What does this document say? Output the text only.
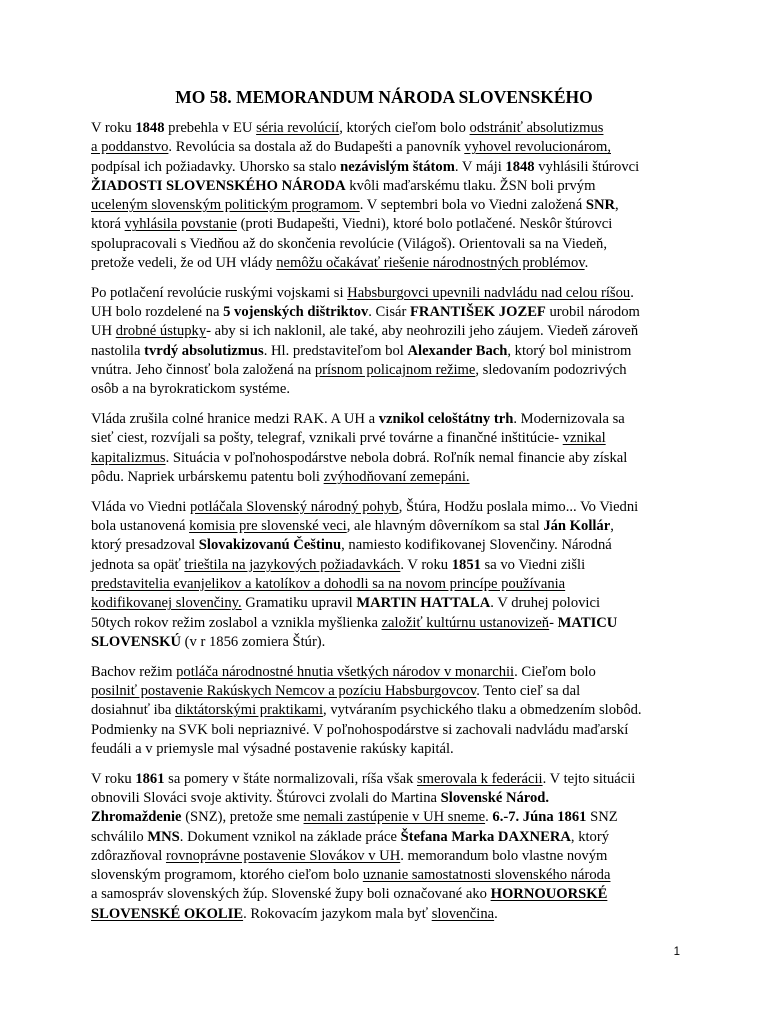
MO 58. MEMORANDUM NÁRODA SLOVENSKÉHO

V roku 1848 prebehla v EU séria revolúcií, ktorých cieľom bolo odstrániť absolutizmus
a poddanstvo. Revolúcia sa dostala až do Budapešti a panovník vyhovel revolucionárom,
podpísal ich požiadavky. Uhorsko sa stalo nezávislým štátom. V máji 1848 vyhlásili štúrovci
ŽIADOSTI SLOVENSKÉHO NÁRODA kvôli maďarskému tlaku. ŽSN boli prvým
uceleným slovenským politickým programom. V septembri bola vo Viedni založená SNR,
ktorá vyhlásila povstanie (proti Budapešti, Viedni), ktoré bolo potlačené. Neskôr štúrovci
spolupracovali s Viedňou až do skončenia revolúcie (Világoš). Orientovali sa na Viedeň,
pretože vedeli, že od UH vlády nemôžu očakávať riešenie národnostných problémov.

Po potlačení revolúcie ruskými vojskami si Habsburgovci upevnili nadvládu nad celou ríšou.
UH bolo rozdelené na 5 vojenských dištriktov. Cisár FRANTIŠEK JOZEF urobil národom
UH drobné ústupky- aby si ich naklonil, ale také, aby neohrozili jeho záujem. Viedeň zároveň
nastolila tvrdý absolutizmus. Hl. predstaviteľom bol Alexander Bach, ktorý bol ministrom
vnútra. Jeho činnosť bola založená na prísnom policajnom režime, sledovaním podozrivých
osôb a na byrokratickom systéme.

Vláda zrušila colné hranice medzi RAK. A UH a vznikol celoštátny trh. Modernizovala sa
sieť ciest, rozvíjali sa pošty, telegraf, vznikali prvé továrne a finančné inštitúcie- vznikal
kapitalizmus. Situácia v poľnohospodárstve nebola dobrá. Roľník nemal financie aby získal
pôdu. Napriek urbárskemu patentu boli zvýhodňovaní zemepáni.

Vláda vo Viedni potláčala Slovenský národný pohyb, Štúra, Hodžu poslala mimo... Vo Viedni
bola ustanovená komisia pre slovenské veci, ale hlavným dôverníkom sa stal Ján Kollár,
ktorý presadzoval Slovakizovanú Češtinu, namiesto kodifikovanej Slovenčiny. Národná
jednota sa opäť trieštila na jazykových požiadavkách. V roku 1851 sa vo Viedni zišli
predstavitelia evanjelikov a katolíkov a dohodli sa na novom princípe používania
kodifikovanej slovenčiny. Gramatiku upravil MARTIN HATTALA. V druhej polovici
50tych rokov režim zoslabol a vznikla myšlienka založiť kultúrnu ustanovizeň- MATICU
SLOVENSKÚ (v r 1856 zomiera Štúr).

Bachov režim potláča národnostné hnutia všetkých národov v monarchii. Cieľom bolo
posilniť postavenie Rakúskych Nemcov a pozíciu Habsburgovcov. Tento cieľ sa dal
dosiahnuť iba diktátorskými praktikami, vytváraním psychického tlaku a obmedzením slobôd.
Podmienky na SVK boli nepriaznivé. V poľnohospodárstve si zachovali nadvládu maďarskí
feudáli a v priemysle mal výsadné postavenie rakúsky kapitál.

V roku 1861 sa pomery v štáte normalizovali, ríša však smerovala k federácii. V tejto situácii
obnovili Slováci svoje aktivity. Štúrovci zvolali do Martina Slovenské Národ.
Zhromaždenie (SNZ), pretože sme nemali zastúpenie v UH sneme. 6.-7. Júna 1861 SNZ
schválilo MNS. Dokument vznikol na základe práce Štefana Marka DAXNERA, ktorý
zdôrazňoval rovnoprávne postavenie Slovákov v UH. memorandum bolo vlastne novým
slovenským programom, ktorého cieľom bolo uznanie samostatnosti slovenského národa
a samospráv slovenských žúp. Slovenské župy boli označované ako HORNOUORSKÉ
SLOVENSKÉ OKOLIE. Rokovacím jazykom mala byť slovenčina.

1
